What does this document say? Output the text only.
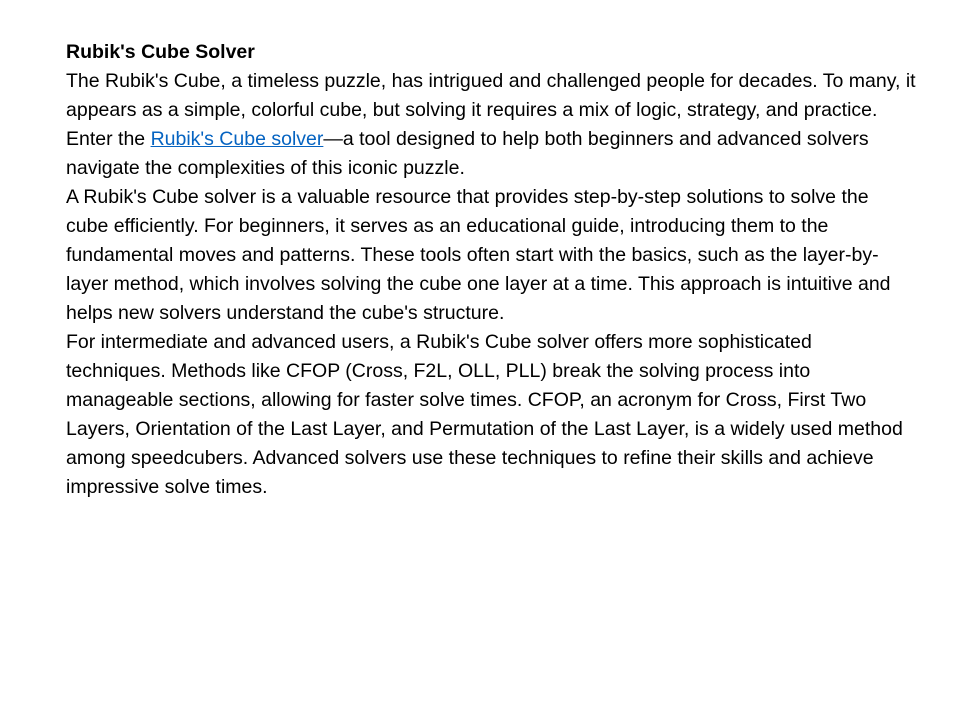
Rubik's Cube Solver

The Rubik's Cube, a timeless puzzle, has intrigued and challenged people for decades. To many, it appears as a simple, colorful cube, but solving it requires a mix of logic, strategy, and practice. Enter the Rubik's Cube solver—a tool designed to help both beginners and advanced solvers navigate the complexities of this iconic puzzle.

A Rubik's Cube solver is a valuable resource that provides step-by-step solutions to solve the cube efficiently. For beginners, it serves as an educational guide, introducing them to the fundamental moves and patterns. These tools often start with the basics, such as the layer-by-layer method, which involves solving the cube one layer at a time. This approach is intuitive and helps new solvers understand the cube's structure.

For intermediate and advanced users, a Rubik's Cube solver offers more sophisticated techniques. Methods like CFOP (Cross, F2L, OLL, PLL) break the solving process into manageable sections, allowing for faster solve times. CFOP, an acronym for Cross, First Two Layers, Orientation of the Last Layer, and Permutation of the Last Layer, is a widely used method among speedcubers. Advanced solvers use these techniques to refine their skills and achieve impressive solve times.
